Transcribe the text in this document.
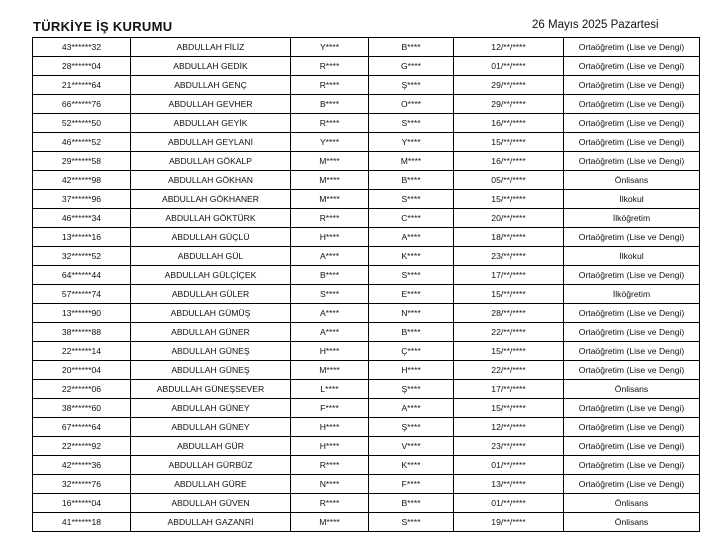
TÜRKİYE İŞ KURUMU	26 Mayıs 2025 Pazartesi
43******32	ABDULLAH FİLİZ	Y****	B****	12/**/****	Ortaöğretim (Lise ve Dengi)
28******04	ABDULLAH GEDİK	R****	G****	01/**/****	Ortaöğretim (Lise ve Dengi)
21******64	ABDULLAH GENÇ	R****	Ş****	29/**/****	Ortaöğretim (Lise ve Dengi)
66******76	ABDULLAH GEVHER	B****	O****	29/**/****	Ortaöğretim (Lise ve Dengi)
52******50	ABDULLAH GEYİK	R****	S****	16/**/****	Ortaöğretim (Lise ve Dengi)
46******52	ABDULLAH GEYLANİ	Y****	Y****	15/**/****	Ortaöğretim (Lise ve Dengi)
29******58	ABDULLAH GÖKALP	M****	M****	16/**/****	Ortaöğretim (Lise ve Dengi)
42******98	ABDULLAH GÖKHAN	M****	B****	05/**/****	Önlisans
37******96	ABDULLAH GÖKHANER	M****	S****	15/**/****	İlkokul
46******34	ABDULLAH GÖKTÜRK	R****	C****	20/**/****	İlköğretim
13******16	ABDULLAH GÜÇLÜ	H****	A****	18/**/****	Ortaöğretim (Lise ve Dengi)
32******52	ABDULLAH GÜL	A****	K****	23/**/****	İlkokul
64******44	ABDULLAH GÜLÇİÇEK	B****	S****	17/**/****	Ortaöğretim (Lise ve Dengi)
57******74	ABDULLAH GÜLER	S****	E****	15/**/****	İlköğretim
13******90	ABDULLAH GÜMÜŞ	A****	N****	28/**/****	Ortaöğretim (Lise ve Dengi)
38******88	ABDULLAH GÜNER	A****	B****	22/**/****	Ortaöğretim (Lise ve Dengi)
22******14	ABDULLAH GÜNEŞ	H****	Ç****	15/**/****	Ortaöğretim (Lise ve Dengi)
20******04	ABDULLAH GÜNEŞ	M****	H****	22/**/****	Ortaöğretim (Lise ve Dengi)
22******06	ABDULLAH GÜNEŞSEVER	L****	Ş****	17/**/****	Önlisans
38******60	ABDULLAH GÜNEY	F****	A****	15/**/****	Ortaöğretim (Lise ve Dengi)
67******64	ABDULLAH GÜNEY	H****	Ş****	12/**/****	Ortaöğretim (Lise ve Dengi)
22******92	ABDULLAH GÜR	H****	V****	23/**/****	Ortaöğretim (Lise ve Dengi)
42******36	ABDULLAH GÜRBÜZ	R****	K****	01/**/****	Ortaöğretim (Lise ve Dengi)
32******76	ABDULLAH GÜRE	N****	F****	13/**/****	Ortaöğretim (Lise ve Dengi)
16******04	ABDULLAH GÜVEN	R****	B****	01/**/****	Önlisans
41******18	ABDULLAH GAZANRİ	M****	S****	19/**/****	Önlisans
